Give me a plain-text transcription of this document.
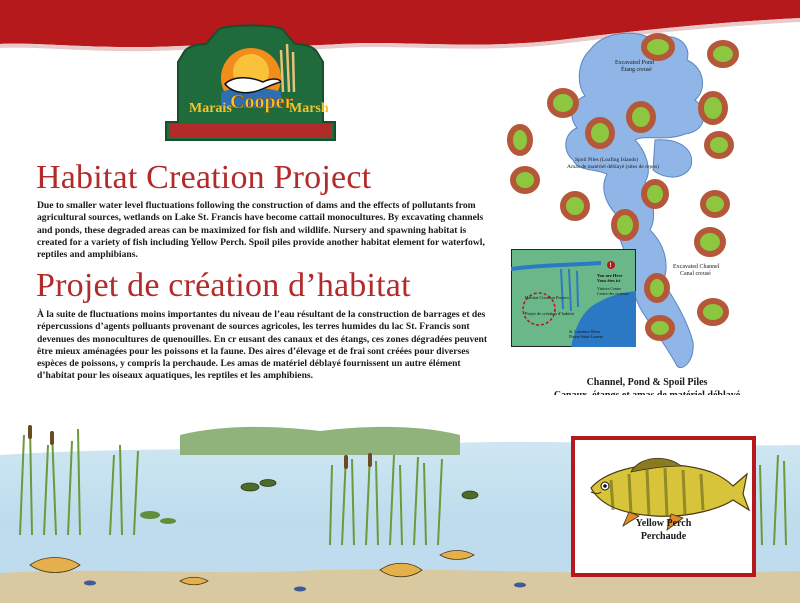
Marais
Cooper
Marsh
Habitat Creation Project

Due to smaller water level fluctuations following the construction of dams and the effects of pollutants from agricultural sources, wetlands on Lake St. Francis have become cattail monocultures. By excavating channels and ponds, these degraded areas can be maximized for fish and wildlife. Nursery and spawning habitat is created for a variety of fish including Yellow Perch. Spoil piles provide another habitat element for waterfowl, reptiles and amphibians.

Projet de création d’habitat

À la suite de fluctuations moins importantes du niveau de l’eau résultant de la construction de barrages et des répercussions d’agents polluants provenant de sources agricoles, les terres humides du lac St. Francis sont devenues des monocultures de quenouilles. En cr eusant des canaux et des étangs, ces zones dégradées peuvent être mieux aménagées pour les poissons et la faune. Des aires d’élevage et de frai sont créées pour diverses espèces de poissons, y compris la perchaude. Les amas de matériel déblayé fournissent un autre élément d’habitat pour les oiseaux aquatiques, les reptiles et les amphibiens.

Excavated Pond
Étang creusé
Spoil Piles (Loafing Islands)
Amas de matériel déblayé (sites de repos)
Excavated Channel
Canal creusé
Habitat Creation Project
Projet de création d’habitat
!
You are Here
Vous êtes ici
Visitors Centre
Centre des visiteurs
St. Lawrence River
Fleuve Saint-Laurent

Channel, Pond & Spoil Piles

Yellow Perch
Perchaude
